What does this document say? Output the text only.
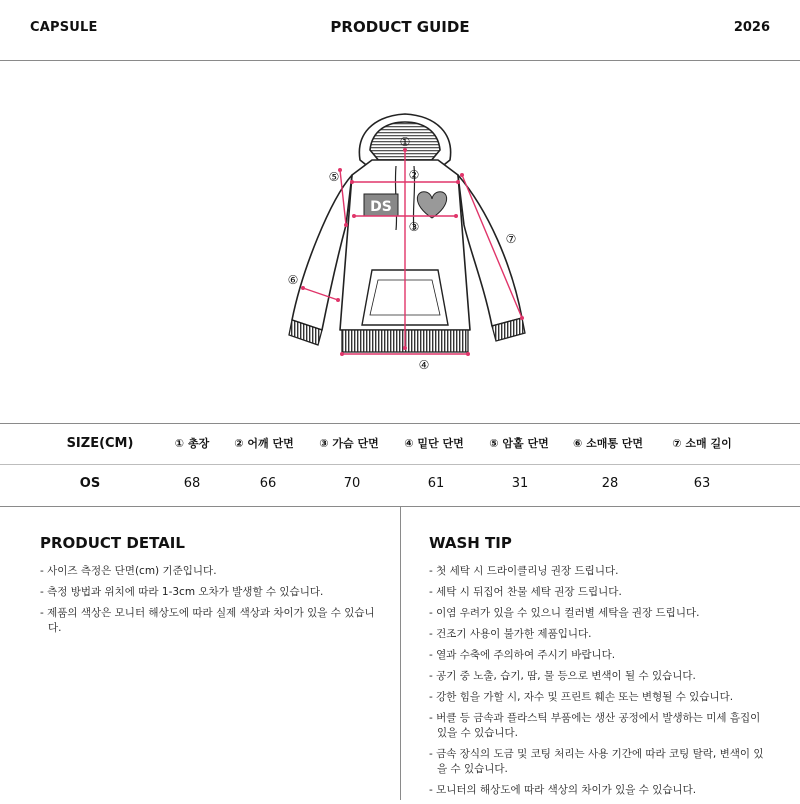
CAPSULE	PRODUCT GUIDE	2026
DS
①
②
③
④
⑤
⑥
⑦
SIZE(CM)	① 총장	② 어깨 단면	③ 가슴 단면	④ 밑단 단면	⑤ 암홀 단면	⑥ 소매통 단면	⑦ 소매 길이
OS	68	66	70	61	31	28	63
PRODUCT DETAIL
- 사이즈 측정은 단면(cm) 기준입니다.
- 측정 방법과 위치에 따라 1-3cm 오차가 발생할 수 있습니다.
- 제품의 색상은 모니터 해상도에 따라 실제 색상과 차이가 있을 수 있습니다.
WASH TIP
- 첫 세탁 시 드라이클리닝 권장 드립니다.
- 세탁 시 뒤집어 찬물 세탁 권장 드립니다.
- 이염 우려가 있을 수 있으니 컬러별 세탁을 권장 드립니다.
- 건조기 사용이 불가한 제품입니다.
- 열과 수축에 주의하여 주시기 바랍니다.
- 공기 중 노출, 습기, 땀, 물 등으로 변색이 될 수 있습니다.
- 강한 힘을 가할 시, 자수 및 프린트 훼손 또는 변형될 수 있습니다.
- 버클 등 금속과 플라스틱 부품에는 생산 공정에서 발생하는 미세 흠집이 있을 수 있습니다.
- 금속 장식의 도금 및 코팅 처리는 사용 기간에 따라 코팅 탈락, 변색이 있을 수 있습니다.
- 모니터의 해상도에 따라 색상의 차이가 있을 수 있습니다.
